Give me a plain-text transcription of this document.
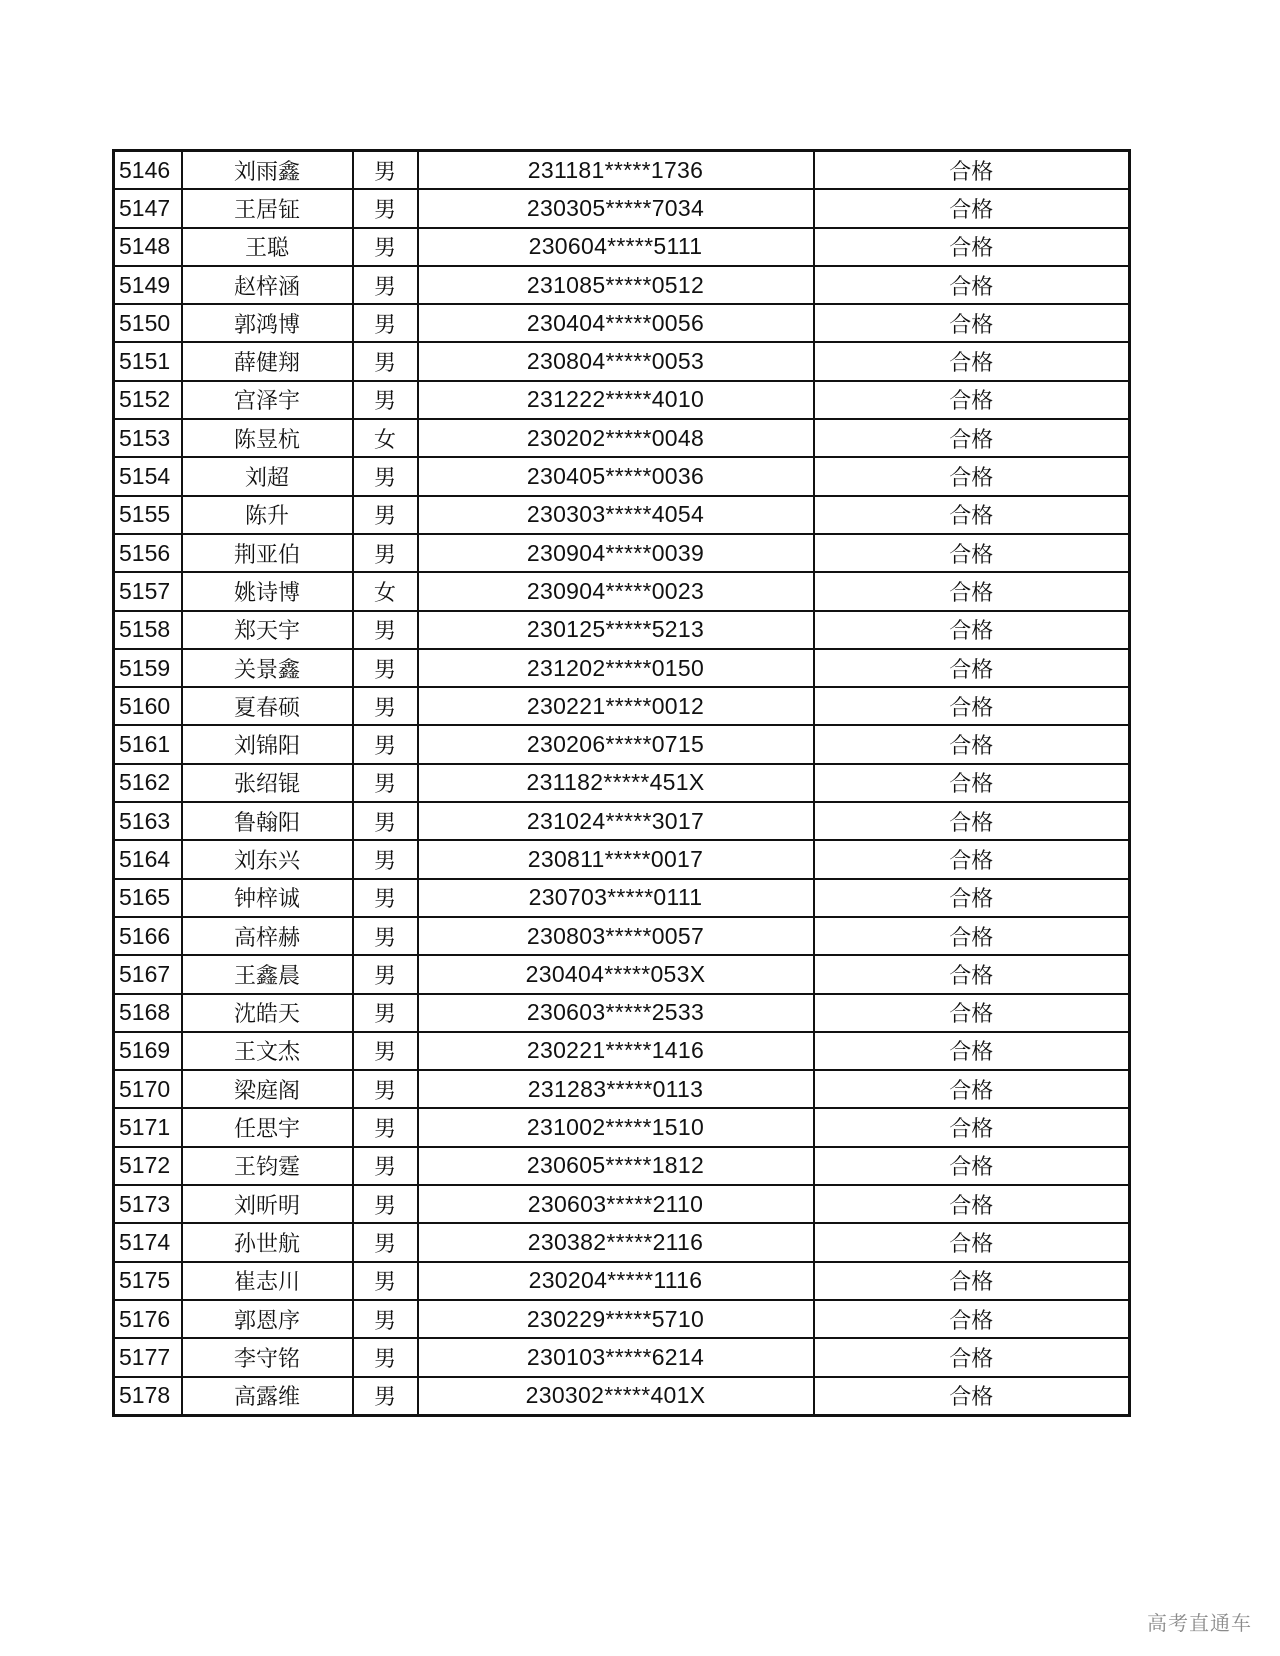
5146	刘雨鑫	男	231181*****1736	合格
5147	王居钲	男	230305*****7034	合格
5148	王聪	男	230604*****5111	合格
5149	赵梓涵	男	231085*****0512	合格
5150	郭鸿博	男	230404*****0056	合格
5151	薛健翔	男	230804*****0053	合格
5152	宫泽宇	男	231222*****4010	合格
5153	陈昱杭	女	230202*****0048	合格
5154	刘超	男	230405*****0036	合格
5155	陈升	男	230303*****4054	合格
5156	荆亚伯	男	230904*****0039	合格
5157	姚诗博	女	230904*****0023	合格
5158	郑天宇	男	230125*****5213	合格
5159	关景鑫	男	231202*****0150	合格
5160	夏春硕	男	230221*****0012	合格
5161	刘锦阳	男	230206*****0715	合格
5162	张绍锟	男	231182*****451X	合格
5163	鲁翰阳	男	231024*****3017	合格
5164	刘东兴	男	230811*****0017	合格
5165	钟梓诚	男	230703*****0111	合格
5166	高梓赫	男	230803*****0057	合格
5167	王鑫晨	男	230404*****053X	合格
5168	沈皓天	男	230603*****2533	合格
5169	王文杰	男	230221*****1416	合格
5170	梁庭阁	男	231283*****0113	合格
5171	任思宇	男	231002*****1510	合格
5172	王钧霆	男	230605*****1812	合格
5173	刘昕明	男	230603*****2110	合格
5174	孙世航	男	230382*****2116	合格
5175	崔志川	男	230204*****1116	合格
5176	郭恩序	男	230229*****5710	合格
5177	李守铭	男	230103*****6214	合格
5178	高露维	男	230302*****401X	合格
高考直通车
